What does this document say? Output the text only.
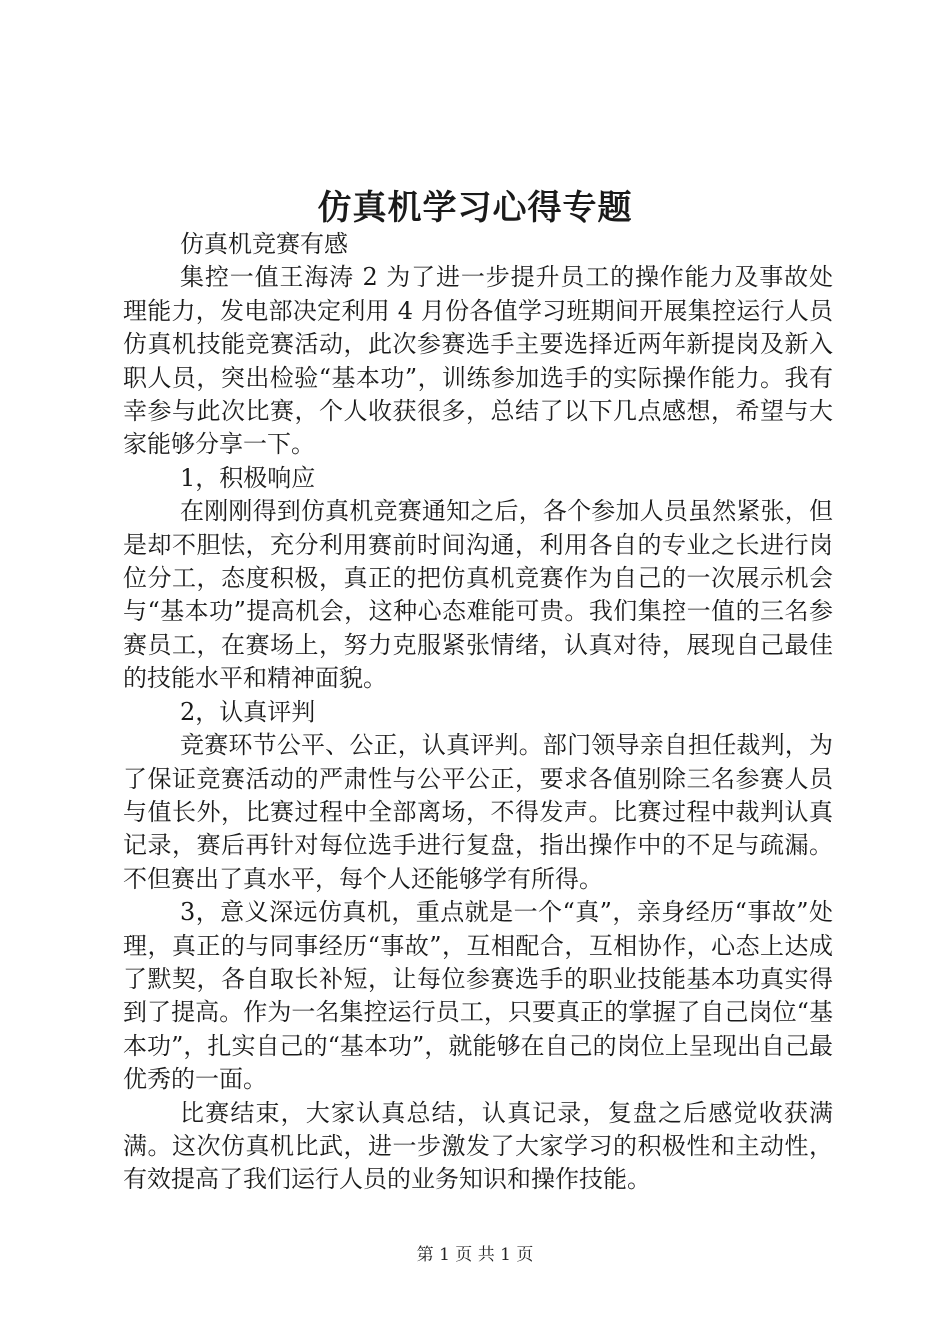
仿真机学习心得专题

仿真机竞赛有感

集控一值王海涛 2 为了进一步提升员工的操作能力及事故处理能力，发电部决定利用 4 月份各值学习班期间开展集控运行人员仿真机技能竞赛活动，此次参赛选手主要选择近两年新提岗及新入职人员，突出检验“基本功”，训练参加选手的实际操作能力。我有幸参与此次比赛，个人收获很多，总结了以下几点感想，希望与大家能够分享一下。

1，积极响应

在刚刚得到仿真机竞赛通知之后，各个参加人员虽然紧张，但是却不胆怯，充分利用赛前时间沟通，利用各自的专业之长进行岗位分工，态度积极，真正的把仿真机竞赛作为自己的一次展示机会与“基本功”提高机会，这种心态难能可贵。我们集控一值的三名参赛员工，在赛场上，努力克服紧张情绪，认真对待，展现自己最佳的技能水平和精神面貌。

2，认真评判

竞赛环节公平、公正，认真评判。部门领导亲自担任裁判，为了保证竞赛活动的严肃性与公平公正，要求各值别除三名参赛人员与值长外，比赛过程中全部离场，不得发声。比赛过程中裁判认真记录，赛后再针对每位选手进行复盘，指出操作中的不足与疏漏。不但赛出了真水平，每个人还能够学有所得。

3，意义深远仿真机，重点就是一个“真”，亲身经历“事故”处理，真正的与同事经历“事故”，互相配合，互相协作，心态上达成了默契，各自取长补短，让每位参赛选手的职业技能基本功真实得到了提高。作为一名集控运行员工，只要真正的掌握了自己岗位“基本功”，扎实自己的“基本功”，就能够在自己的岗位上呈现出自己最优秀的一面。

比赛结束，大家认真总结，认真记录，复盘之后感觉收获满满。这次仿真机比武，进一步激发了大家学习的积极性和主动性，有效提高了我们运行人员的业务知识和操作技能。

第 1 页 共 1 页
